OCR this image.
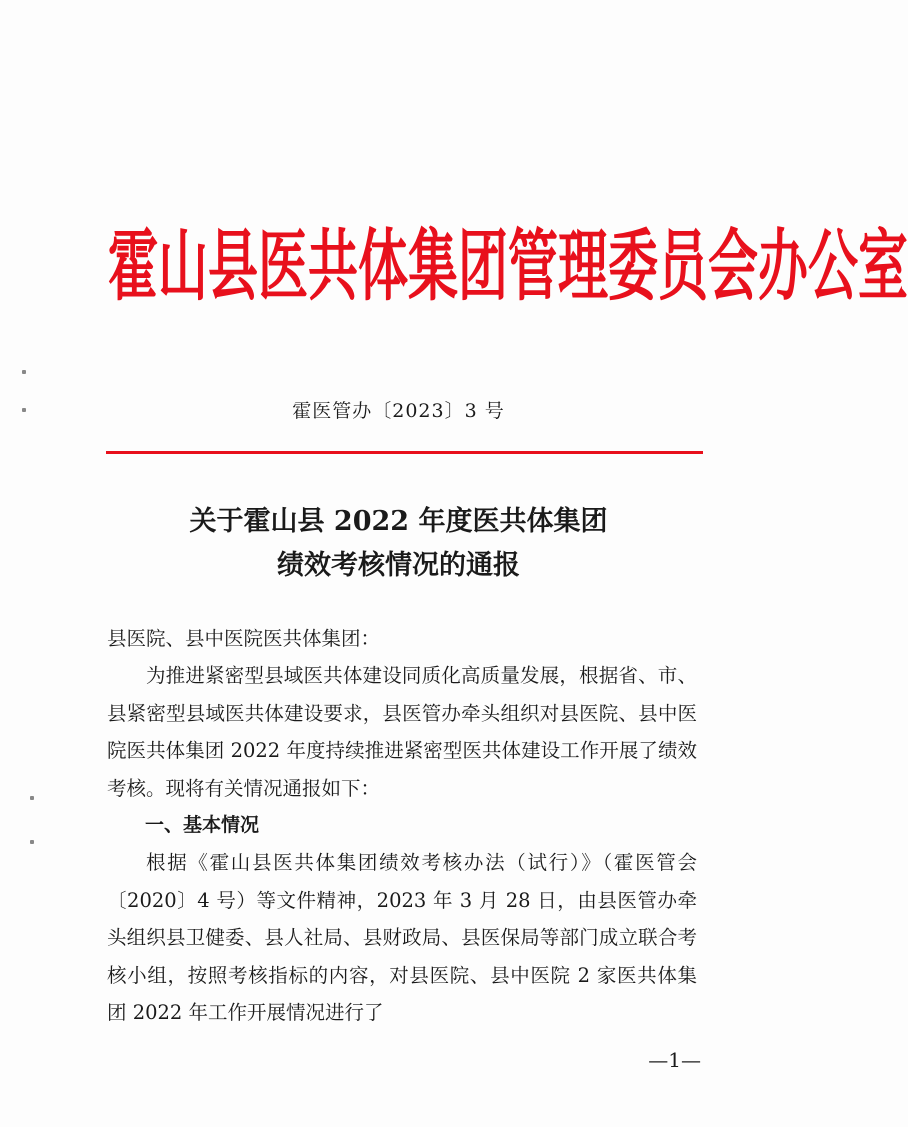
霍山县医共体集团管理委员会办公室
霍医管办〔2023〕3 号
关于霍山县 2022 年度医共体集团
绩效考核情况的通报

县医院、县中医院医共体集团：

为推进紧密型县域医共体建设同质化高质量发展，根据省、市、县紧密型县域医共体建设要求，县医管办牵头组织对县医院、县中医院医共体集团 2022 年度持续推进紧密型医共体建设工作开展了绩效考核。现将有关情况通报如下：

一、基本情况

根据《霍山县医共体集团绩效考核办法（试行）》（霍医管会〔2020〕4 号）等文件精神，2023 年 3 月 28 日，由县医管办牵头组织县卫健委、县人社局、县财政局、县医保局等部门成立联合考核小组，按照考核指标的内容，对县医院、县中医院 2 家医共体集团 2022 年工作开展情况进行了

—1—
